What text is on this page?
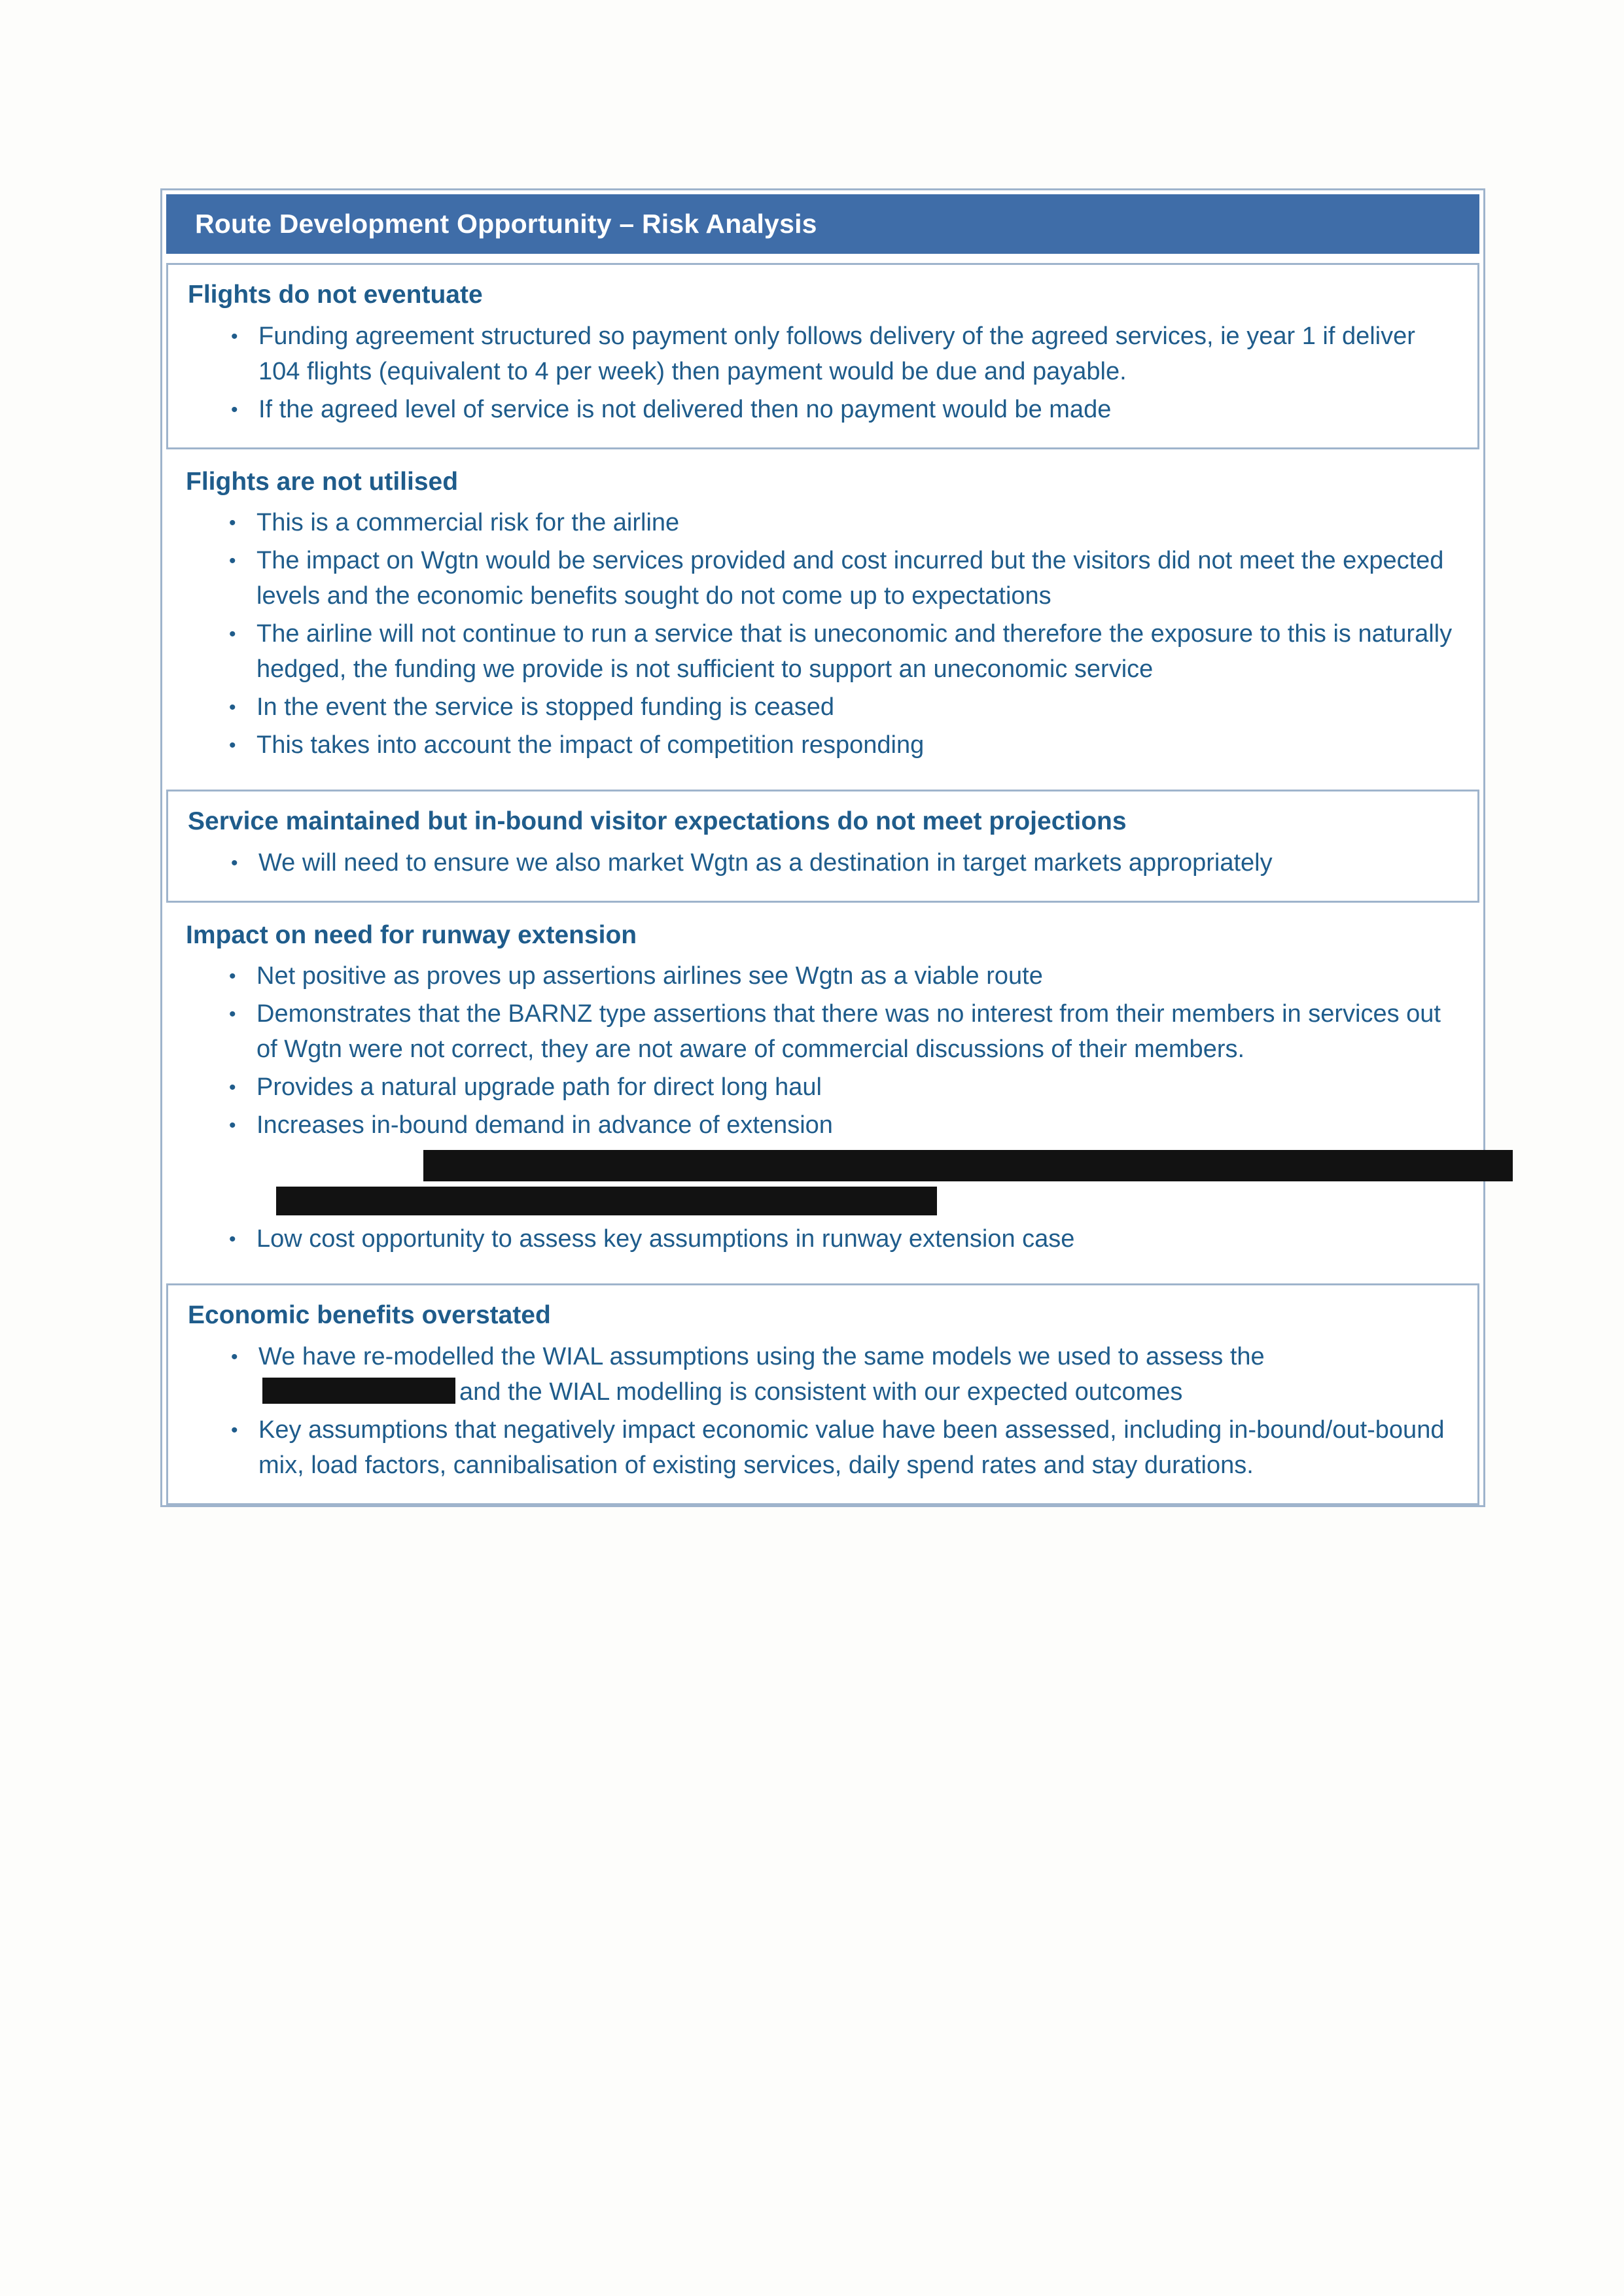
Route Development Opportunity – Risk Analysis
Flights do not eventuate
• Funding agreement structured so payment only follows delivery of the agreed services, ie year 1 if deliver 104 flights (equivalent to 4 per week) then payment would be due and payable.
• If the agreed level of service is not delivered then no payment would be made
Flights are not utilised
• This is a commercial risk for the airline
• The impact on Wgtn would be services provided and cost incurred but the visitors did not meet the expected levels and the economic benefits sought do not come up to expectations
• The airline will not continue to run a service that is uneconomic and therefore the exposure to this is naturally hedged, the funding we provide is not sufficient to support an uneconomic service
• In the event the service is stopped funding is ceased
• This takes into account the impact of competition responding
Service maintained but in-bound visitor expectations do not meet projections
• We will need to ensure we also market Wgtn as a destination in target markets appropriately
Impact on need for runway extension
• Net positive as proves up assertions airlines see Wgtn as a viable route
• Demonstrates that the BARNZ type assertions that there was no interest from their members in services out of Wgtn were not correct, they are not aware of commercial discussions of their members.
• Provides a natural upgrade path for direct long haul
• Increases in-bound demand in advance of extension
• Low cost opportunity to assess key assumptions in runway extension case
Economic benefits overstated
• We have re-modelled the WIAL assumptions using the same models we used to assess theand the WIAL modelling is consistent with our expected outcomes
• Key assumptions that negatively impact economic value have been assessed, including in-bound/out-bound mix, load factors, cannibalisation of existing services, daily spend rates and stay durations.
